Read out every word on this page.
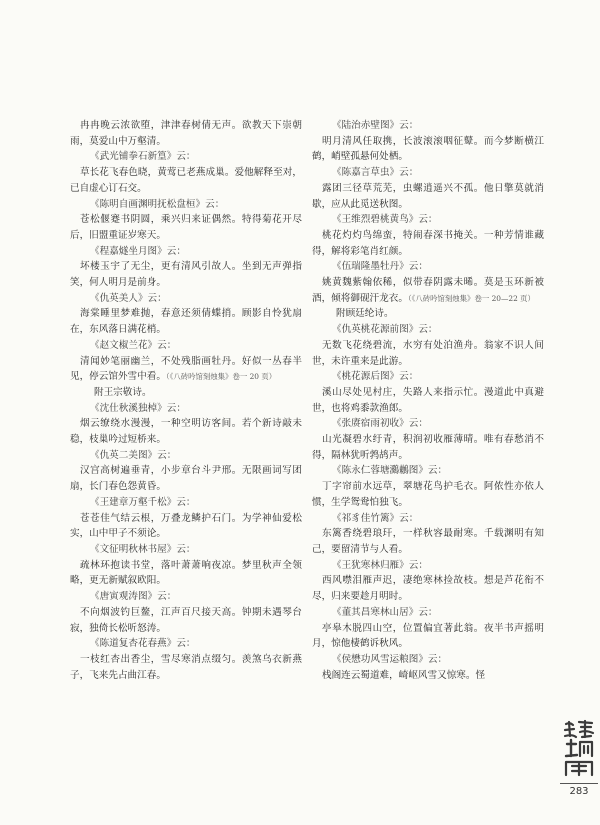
冉冉晚云浓欲堕，津津春树倩无声。欲教天下崇朝雨，莫爱山中万壑清。
《武光铺拳石新篁》云：
草长花飞春色晓，黄莺已老燕成巢。爱他解释至对，已自虚心订石交。
《陈明自画渊明抚松盘桓》云：
苍松偃蹇书阴圆，乘兴归来证偶然。特得菊花开尽后，旧盟重证岁寒天。
《程嘉燧坐月图》云：
坏楼玉宇了无尘，更有清风引故人。坐到无声弹指笑，何人明月是前身。
《仇英美人》云：
海棠睡里梦难抛，春意还须倩蝶捎。顾影自怜犹扇在，东风落日满花梢。
《赵文椒兰花》云：
清闻妙笔丽幽兰，不处残脂画牡丹。好似一丛春半见，停云馆外雪中看。（《八砖吟馆刻烛集》卷一 20 页）
附王宗敬诗。
《沈仕秋溪独棹》云：
烟云缭绕水漫漫，一种空明访客间。若个新诗敲未稳，枝巢吟过短桥来。
《仇英二美图》云：
汉宫高树遍垂青，小步章台斗尹邢。无限画词写团扇，长门春色怨黄昏。
《王建章万壑千松》云：
苍苍佳气结云根，万叠龙鳞护石门。为学神仙爱松实，山中甲子不须论。
《文征明秋林书屋》云：
疏林环抱读书堂，落叶萧萧响夜凉。梦里秋声全领略，更无新赋叙欧阳。
《唐寅观涛图》云：
不向烟波钓巨鳌，江声百尺接天高。钟期未遇琴台寂，独倚长松听怒涛。
《陈道复杏花春燕》云：
一枝红杏出香尘，雪尽寒消点缀匀。羡煞乌衣新燕子，飞来先占曲江春。
《陆治赤壁图》云：
明月清风任取携，长波滚滚咽征鼙。而今梦断横江鹤，峭壁孤悬何处栖。
《陈嘉言草虫》云：
露团三径草荒芜，虫螺逍遥兴不孤。他日擎莫就消歇，应从此觅送秋图。
《王维烈碧桃黄鸟》云：
桃花灼灼鸟绵蛮，特闹春深书掩关。一种芳情谁藏得，解将彩笔肖红颜。
《伍瑞隆墨牡丹》云：
姚黄魏紫翰依稀，似带春阴露未晞。莫是玉环新被酒，倾将御砚汗龙衣。（《八砖吟馆刻烛集》卷一 20—22 页）
附顾廷纶诗。
《仇英桃花源前图》云：
无数飞花绕碧流，水穷有处泊渔舟。翁家不识人间世，未许重来是此游。
《桃花源后图》云：
溪山尽处见村庄，失路人来指示忙。漫道此中真避世，也将鸡黍款渔郎。
《张赓宿雨初收》云：
山光凝碧水纡青，积润初收雁薄晴。唯有春愁消不得，隔林犹听鹁鸪声。
《陈永仁蓉塘鸂鶒图》云：
丁字帘前水远草，翠塘花鸟护毛衣。阿侬性亦依人惯，生学鸳鸯怕独飞。
《祁豸佳竹篱》云：
东篱香绕碧琅玕，一样秋容最耐寒。千载渊明有知己，要留清节与人看。
《王犹寒林归雁》云：
西风噤泪雁声迟，凄绝寒林捡故枝。想是芦花衔不尽，归来要趁月明时。
《董其昌寒林山居》云：
亭皋木脱四山空，位置偏宜著此翁。夜半书声摇明月，惊他棲鹤诉秋风。
《侯懋功风雪运粮图》云：
栈阁连云蜀道难，崎岖风雪又惊寒。怪
283
